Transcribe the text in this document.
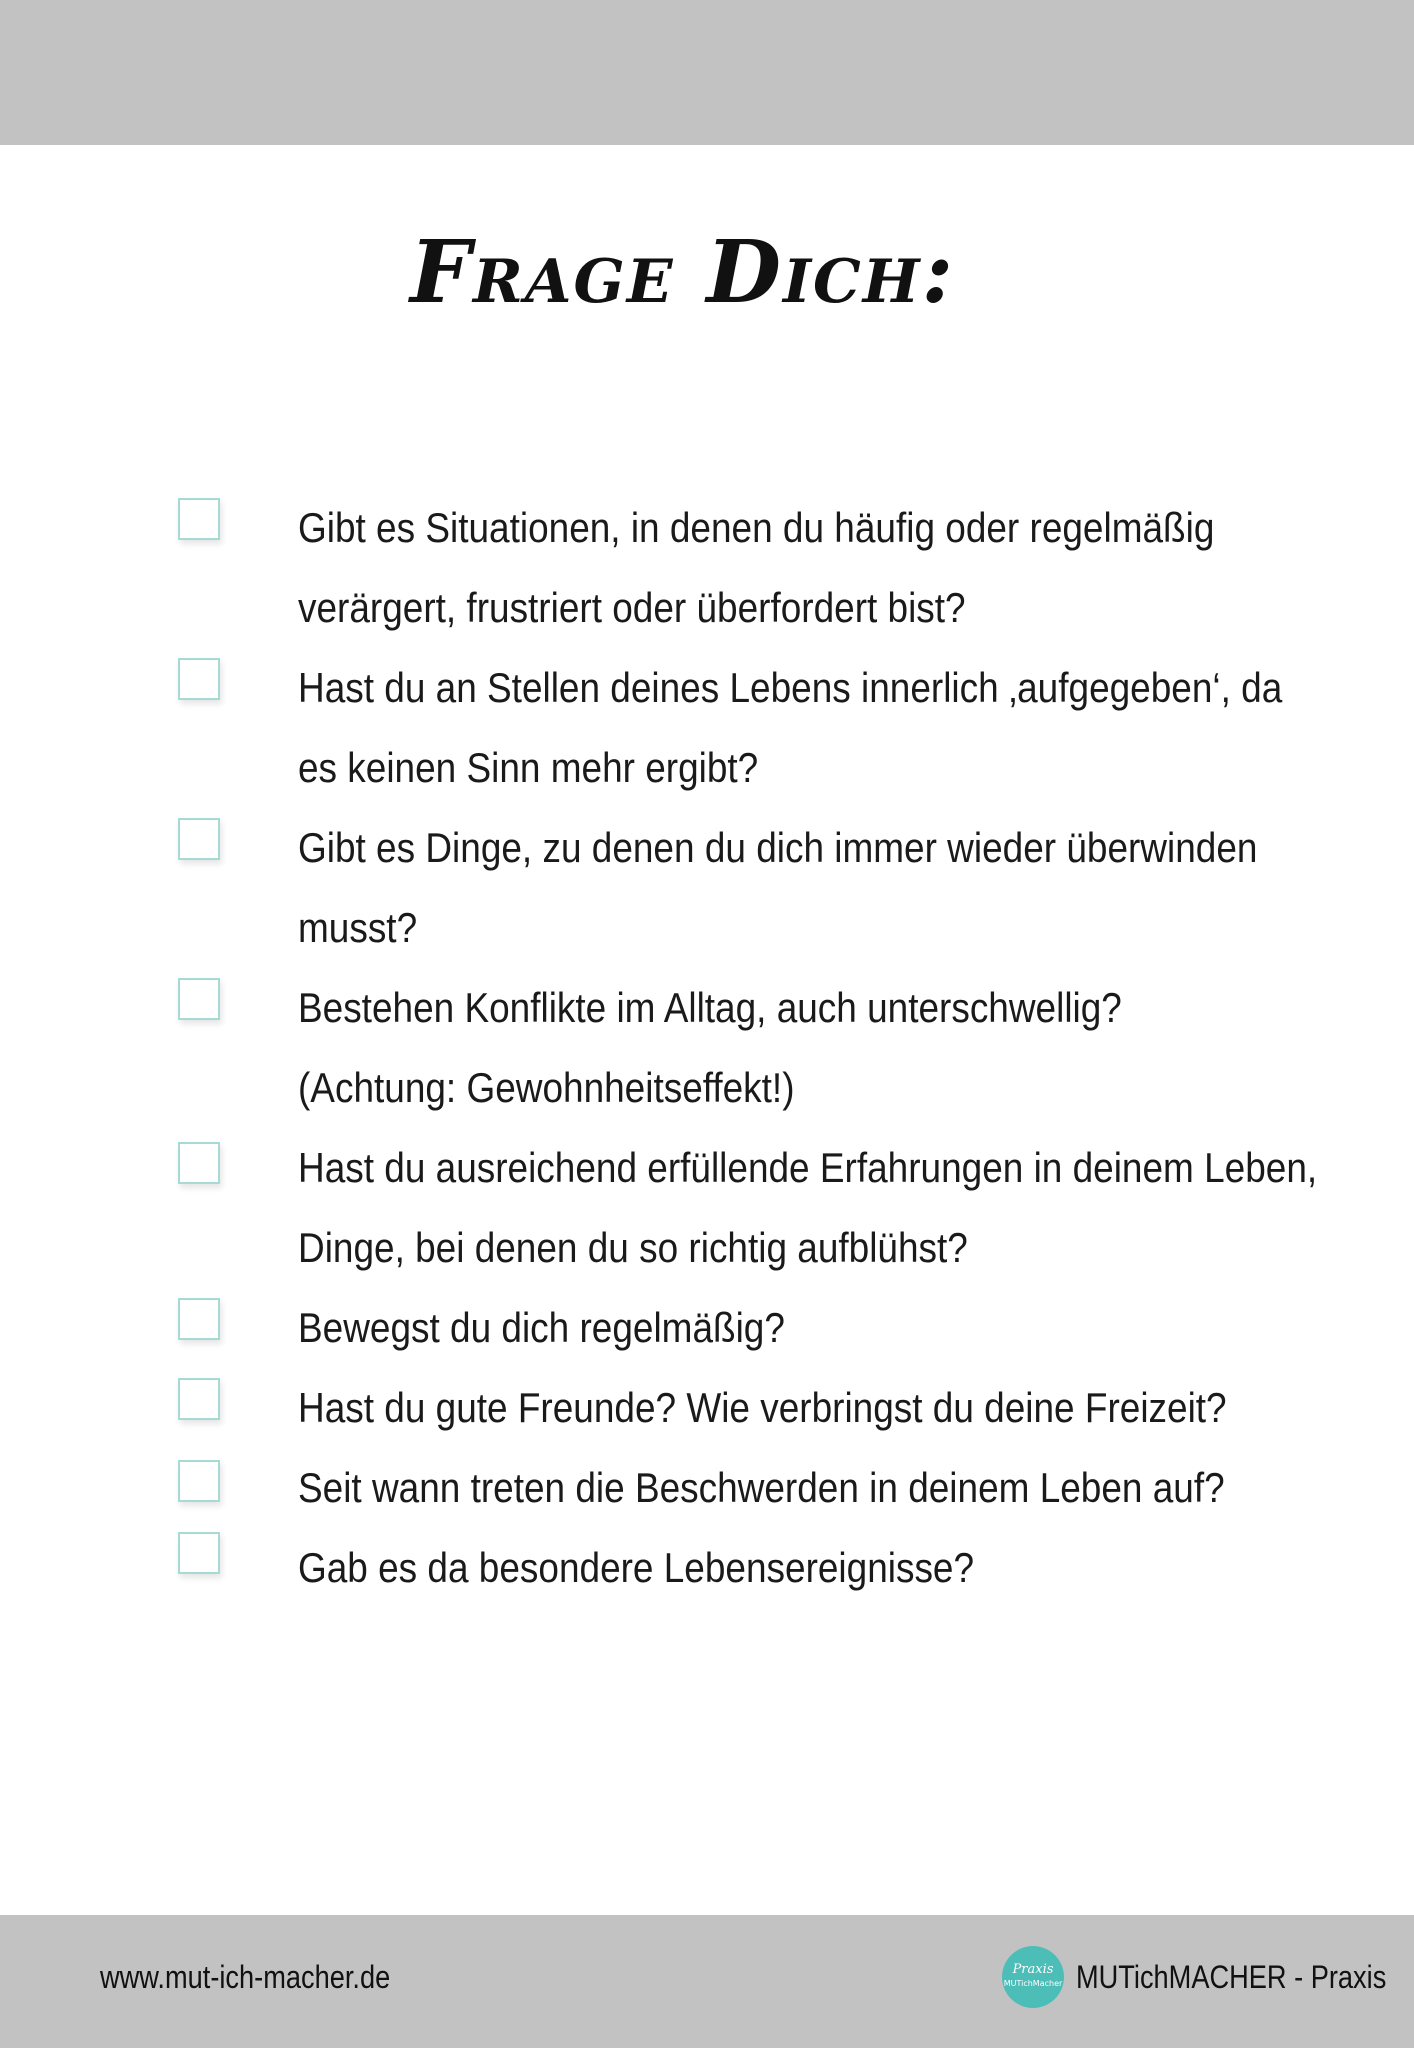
Frage Dich:
Gibt es Situationen, in denen du häufig oder regelmäßig
verärgert, frustriert oder überfordert bist?
Hast du an Stellen deines Lebens innerlich ‚aufgegeben‘, da
es keinen Sinn mehr ergibt?
Gibt es Dinge, zu denen du dich immer wieder überwinden
musst?
Bestehen Konflikte im Alltag, auch unterschwellig?
(Achtung: Gewohnheitseffekt!)
Hast du ausreichend erfüllende Erfahrungen in deinem Leben,
Dinge, bei denen du so richtig aufblühst?
Bewegst du dich regelmäßig?
Hast du gute Freunde? Wie verbringst du deine Freizeit?
Seit wann treten die Beschwerden in deinem Leben auf?
Gab es da besondere Lebensereignisse?
www.mut-ich-macher.de	Praxis
MUTichMacher MUTichMACHER - Praxis
